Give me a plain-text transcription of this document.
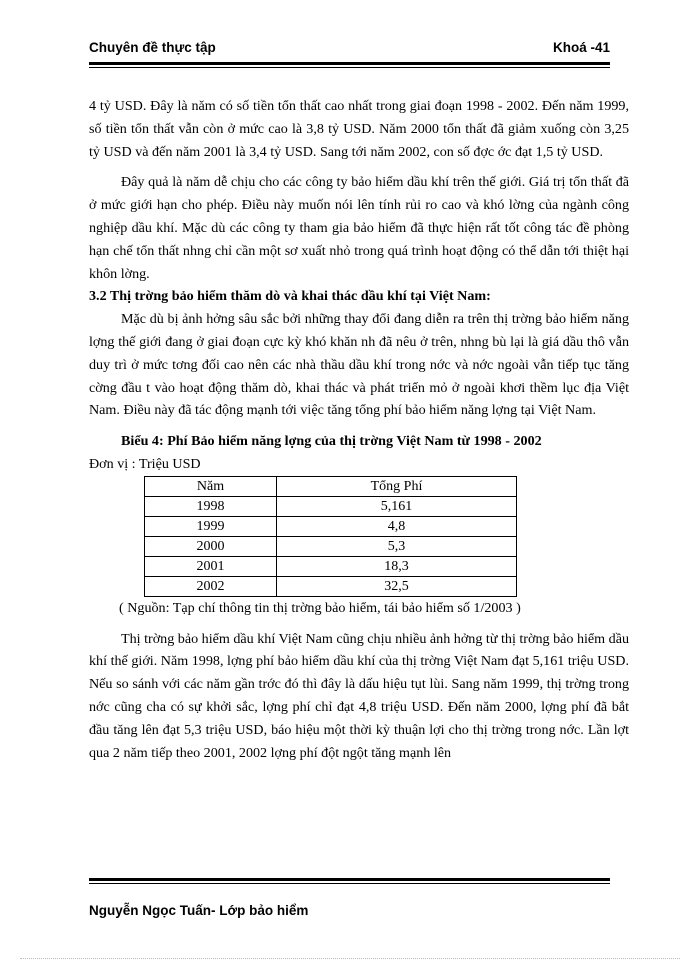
Chuyên đề thực tập	Khoá -41

4 tỷ USD. Đây là năm có số tiền tổn thất cao nhất trong giai đoạn 1998 - 2002. Đến năm 1999, số tiền tổn thất vẫn còn ở mức cao là 3,8 tỷ USD. Năm 2000 tổn thất đã giảm xuống còn 3,25 tỷ USD và đến năm 2001 là 3,4 tỷ USD. Sang tới năm 2002, con số đợc ớc đạt 1,5 tỷ USD.

Đây quả là năm dễ chịu cho các công ty bảo hiểm dầu khí trên thế giới. Giá trị tổn thất đã ở mức giới hạn cho phép. Điều này muốn nói lên tính rủi ro cao và khó lờng của ngành công nghiệp dầu khí. Mặc dù các công ty tham gia bảo hiểm đã thực hiện rất tốt công tác đề phòng hạn chế tổn thất nhng chỉ cần một sơ xuất nhỏ trong quá trình hoạt động có thể dẫn tới thiệt hại khôn lờng.

3.2 Thị trờng bảo hiểm thăm dò và khai thác dầu khí tại Việt Nam:

Mặc dù bị ảnh hởng sâu sắc bởi những thay đổi đang diễn ra trên thị trờng bảo hiểm năng lợng thế giới đang ở giai đoạn cực kỳ khó khăn nh đã nêu ở trên, nhng bù lại là giá dầu thô vẫn duy trì ở mức tơng đối cao nên các nhà thầu dầu khí trong nớc và nớc ngoài vẫn tiếp tục tăng cờng đầu t vào hoạt động thăm dò, khai thác và phát triển mỏ ở ngoài khơi thềm lục địa Việt Nam. Điều này đã tác động mạnh tới việc tăng tổng phí bảo hiểm năng lợng tại Việt Nam.

Biểu 4: Phí Bảo hiểm năng lợng của thị trờng Việt Nam từ 1998 - 2002

Đơn vị : Triệu USD

Năm	Tổng Phí
1998	5,161
1999	4,8
2000	5,3
2001	18,3
2002	32,5

( Nguồn: Tạp chí thông tin thị trờng bảo hiểm, tái bảo hiểm số 1/2003 )

Thị trờng bảo hiểm dầu khí Việt Nam cũng chịu nhiều ảnh hởng từ thị trờng bảo hiểm dầu khí thế giới. Năm 1998, lợng phí bảo hiểm dầu khí của thị trờng Việt Nam đạt 5,161 triệu USD. Nếu so sánh với các năm gần trớc đó thì đây là dấu hiệu tụt lùi. Sang năm 1999, thị trờng trong nớc cũng cha có sự khởi sắc, lợng phí chỉ đạt 4,8 triệu USD. Đến năm 2000, lợng phí đã bắt đầu tăng lên đạt 5,3 triệu USD, báo hiệu một thời kỳ thuận lợi cho thị trờng trong nớc. Lần lợt qua 2 năm tiếp theo 2001, 2002 lợng phí đột ngột tăng mạnh lên

Nguyễn Ngọc Tuấn- Lớp bảo hiểm
